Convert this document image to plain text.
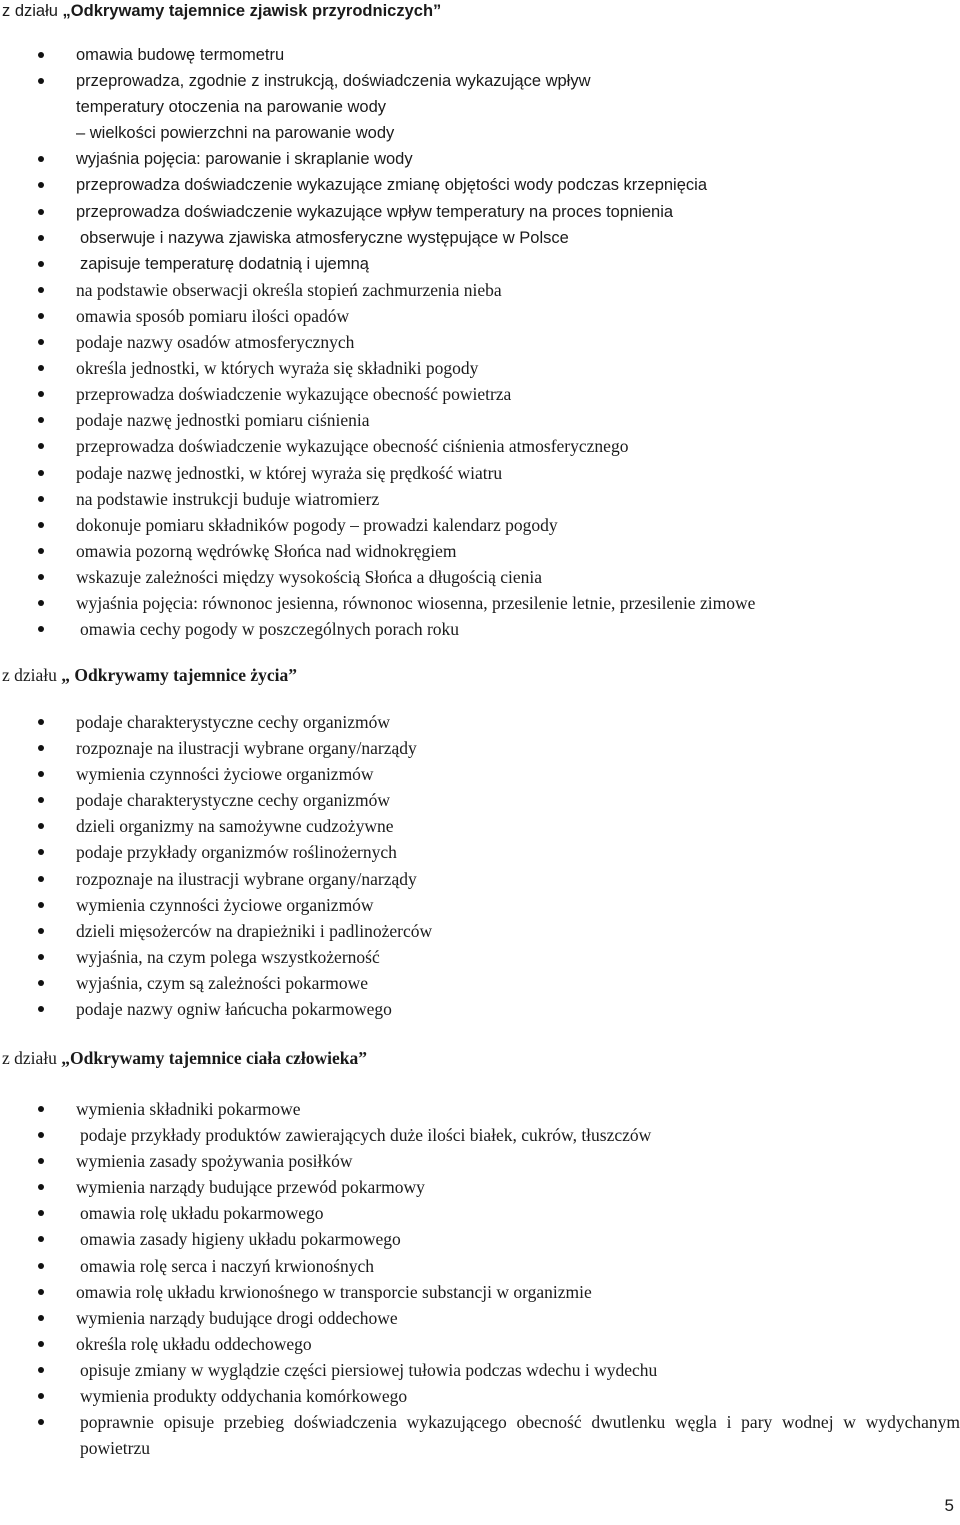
z działu „Odkrywamy tajemnice zjawisk przyrodniczych”
omawia budowę termometru
przeprowadza, zgodnie z instrukcją, doświadczenia wykazujące wpływ
temperatury otoczenia na parowanie wody
– wielkości powierzchni na parowanie wody
wyjaśnia pojęcia: parowanie i skraplanie wody
przeprowadza doświadczenie wykazujące zmianę objętości wody podczas krzepnięcia
przeprowadza doświadczenie wykazujące wpływ temperatury na proces topnienia
obserwuje i nazywa zjawiska atmosferyczne występujące w Polsce
zapisuje temperaturę dodatnią i ujemną
na podstawie obserwacji określa stopień zachmurzenia nieba
omawia sposób pomiaru ilości opadów
podaje nazwy osadów atmosferycznych
określa jednostki, w których wyraża się składniki pogody
przeprowadza doświadczenie wykazujące obecność powietrza
podaje nazwę jednostki pomiaru ciśnienia
przeprowadza doświadczenie wykazujące obecność ciśnienia atmosferycznego
podaje nazwę jednostki, w której wyraża się prędkość wiatru
na podstawie instrukcji buduje wiatromierz
dokonuje pomiaru składników pogody – prowadzi kalendarz pogody
omawia pozorną wędrówkę Słońca nad widnokręgiem
wskazuje zależności między wysokością Słońca a długością cienia
wyjaśnia pojęcia: równonoc jesienna, równonoc wiosenna, przesilenie letnie, przesilenie zimowe
omawia cechy pogody w poszczególnych porach roku
z działu „ Odkrywamy tajemnice życia”
podaje charakterystyczne cechy organizmów
rozpoznaje na ilustracji wybrane organy/narządy
wymienia czynności życiowe organizmów
podaje charakterystyczne cechy organizmów
dzieli organizmy na samożywne cudzożywne
podaje przykłady organizmów roślinożernych
rozpoznaje na ilustracji wybrane organy/narządy
wymienia czynności życiowe organizmów
dzieli mięsożerców na drapieżniki i padlinożerców
wyjaśnia, na czym polega wszystkożerność
wyjaśnia, czym są zależności pokarmowe
podaje nazwy ogniw łańcucha pokarmowego
z działu „Odkrywamy tajemnice ciała człowieka”
wymienia składniki pokarmowe
podaje przykłady produktów zawierających duże ilości białek, cukrów, tłuszczów
wymienia zasady spożywania posiłków
wymienia narządy budujące przewód pokarmowy
omawia rolę układu pokarmowego
omawia zasady higieny układu pokarmowego
omawia rolę serca i naczyń krwionośnych
omawia rolę układu krwionośnego w transporcie substancji w organizmie
wymienia narządy budujące drogi oddechowe
określa rolę układu oddechowego
opisuje zmiany w wyglądzie części piersiowej tułowia podczas wdechu i wydechu
wymienia produkty oddychania komórkowego
poprawnie opisuje przebieg doświadczenia wykazującego obecność dwutlenku węgla i pary wodnej w wydychanym powietrzu
5
